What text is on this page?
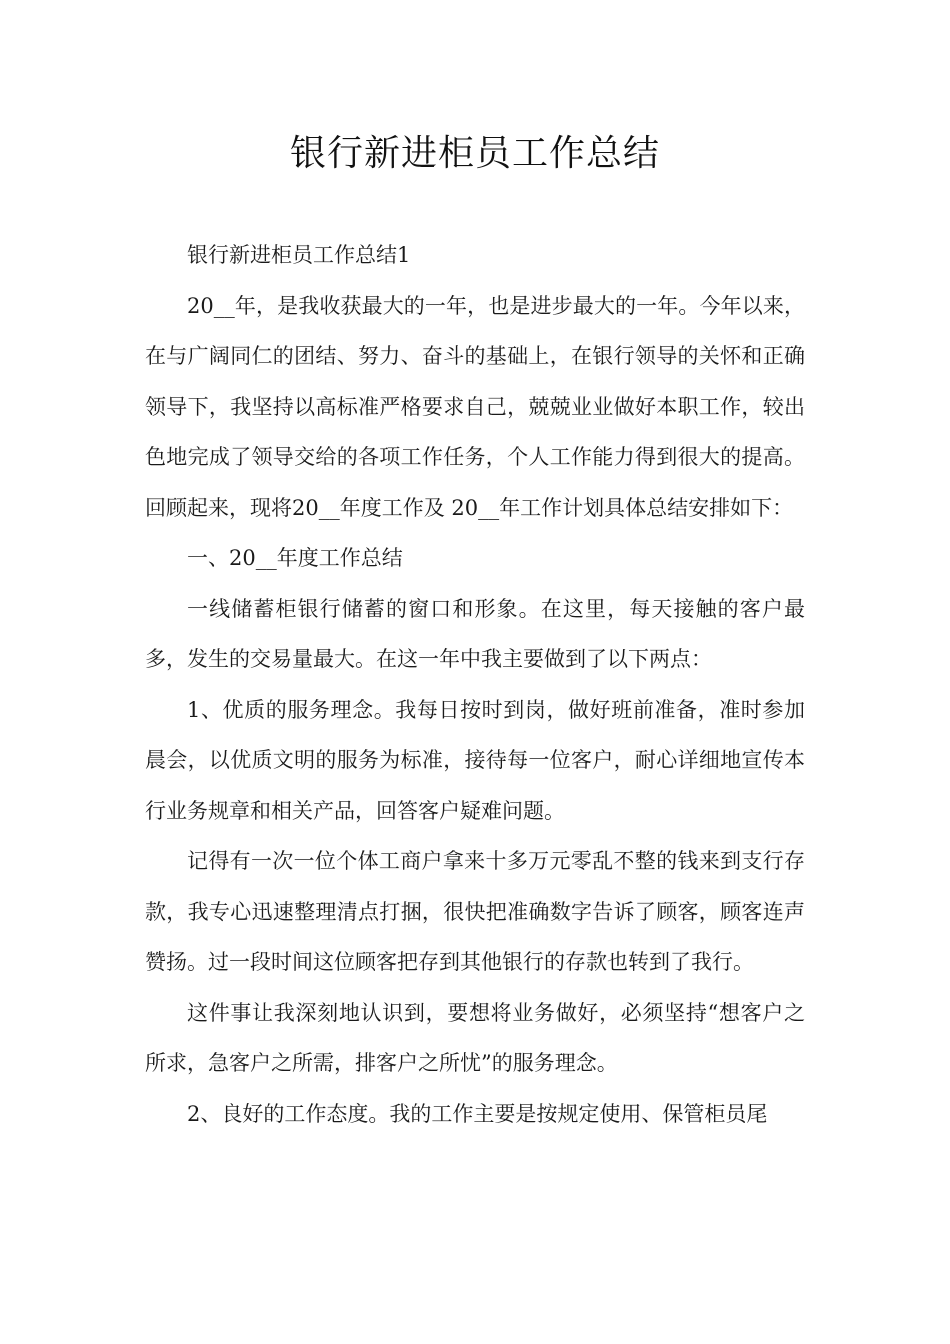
银行新进柜员工作总结

银行新进柜员工作总结1

20__年，是我收获最大的一年，也是进步最大的一年。今年以来，在与广阔同仁的团结、努力、奋斗的基础上，在银行领导的关怀和正确领导下，我坚持以高标准严格要求自己，兢兢业业做好本职工作，较出色地完成了领导交给的各项工作任务，个人工作能力得到很大的提高。回顾起来，现将20__年度工作及 20__年工作计划具体总结安排如下：

一、20__年度工作总结

一线储蓄柜银行储蓄的窗口和形象。在这里，每天接触的客户最多，发生的交易量最大。在这一年中我主要做到了以下两点：

1、优质的服务理念。我每日按时到岗，做好班前准备，准时参加晨会，以优质文明的服务为标准，接待每一位客户，耐心详细地宣传本行业务规章和相关产品，回答客户疑难问题。

记得有一次一位个体工商户拿来十多万元零乱不整的钱来到支行存款，我专心迅速整理清点打捆，很快把准确数字告诉了顾客，顾客连声赞扬。过一段时间这位顾客把存到其他银行的存款也转到了我行。

这件事让我深刻地认识到，要想将业务做好，必须坚持“想客户之所求，急客户之所需，排客户之所忧”的服务理念。

2、良好的工作态度。我的工作主要是按规定使用、保管柜员尾
